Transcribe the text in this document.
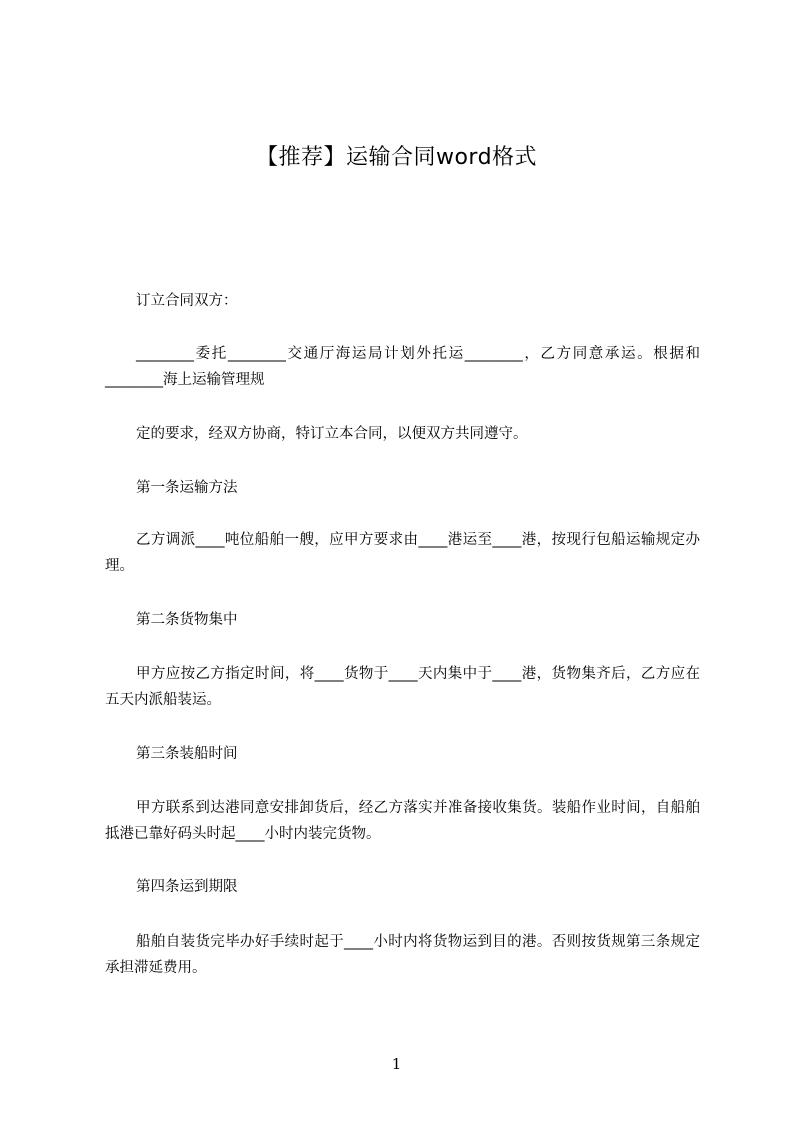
【推荐】运输合同word格式
订立合同双方：
________委托________交通厅海运局计划外托运________，乙方同意承运。根据和________海上运输管理规
定的要求，经双方协商，特订立本合同，以便双方共同遵守。
第一条运输方法
乙方调派____吨位船舶一艘，应甲方要求由____港运至____港，按现行包船运输规定办理。
第二条货物集中
甲方应按乙方指定时间，将____货物于____天内集中于____港，货物集齐后，乙方应在五天内派船装运。
第三条装船时间
甲方联系到达港同意安排卸货后，经乙方落实并准备接收集货。装船作业时间，自船舶抵港已靠好码头时起____小时内装完货物。
第四条运到期限
船舶自装货完毕办好手续时起于____小时内将货物运到目的港。否则按货规第三条规定承担滞延费用。
1
